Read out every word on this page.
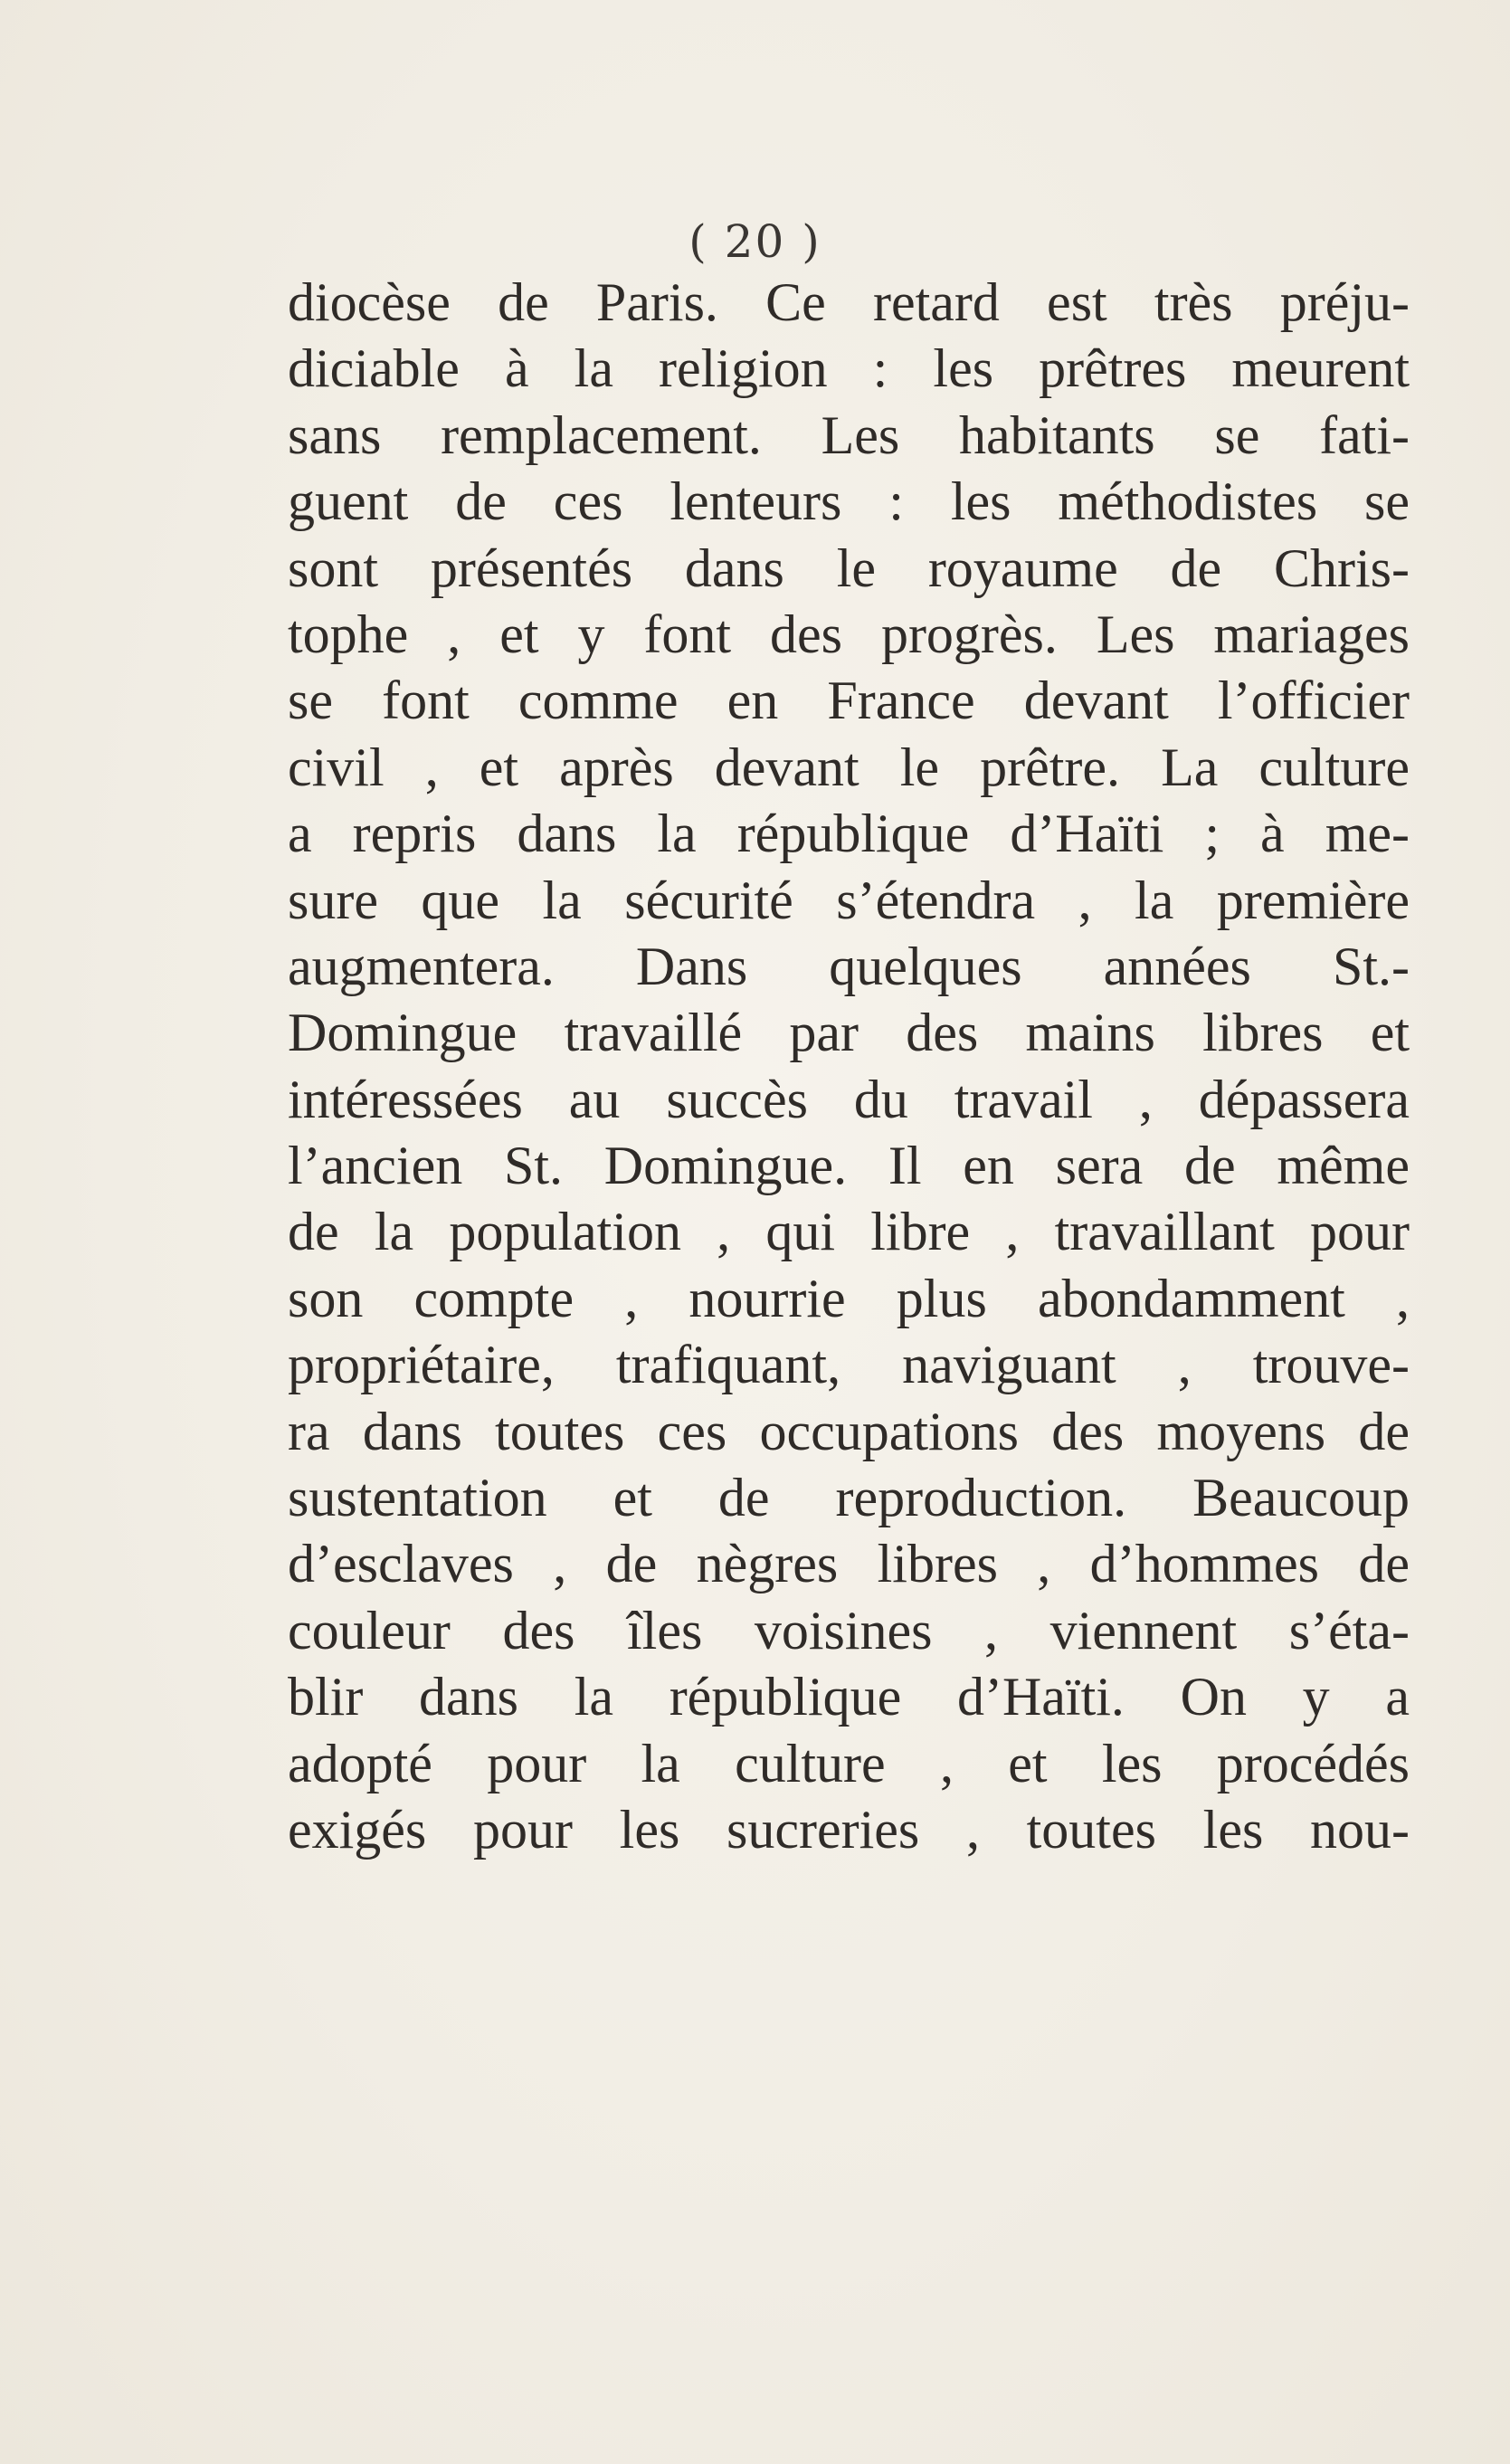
( 20 )
diocèse de Paris. Ce retard est très préju-
diciable à la religion : les prêtres meurent
sans remplacement. Les habitants se fati-
guent de ces lenteurs : les méthodistes se
sont présentés dans le royaume de Chris-
tophe , et y font des progrès. Les mariages
se font comme en France devant l’officier
civil , et après devant le prêtre. La culture
a repris dans la république d’Haïti ; à me-
sure que la sécurité s’étendra , la première
augmentera. Dans quelques années St.-
Domingue travaillé par des mains libres et
intéressées au succès du travail , dépassera
l’ancien St. Domingue. Il en sera de même
de la population , qui libre , travaillant pour
son compte , nourrie plus abondamment ,
propriétaire, trafiquant, naviguant , trouve-
ra dans toutes ces occupations des moyens de
sustentation et de reproduction. Beaucoup
d’esclaves , de nègres libres , d’hommes de
couleur des îles voisines , viennent s’éta-
blir dans la république d’Haïti. On y a
adopté pour la culture , et les procédés
exigés pour les sucreries , toutes les nou-
